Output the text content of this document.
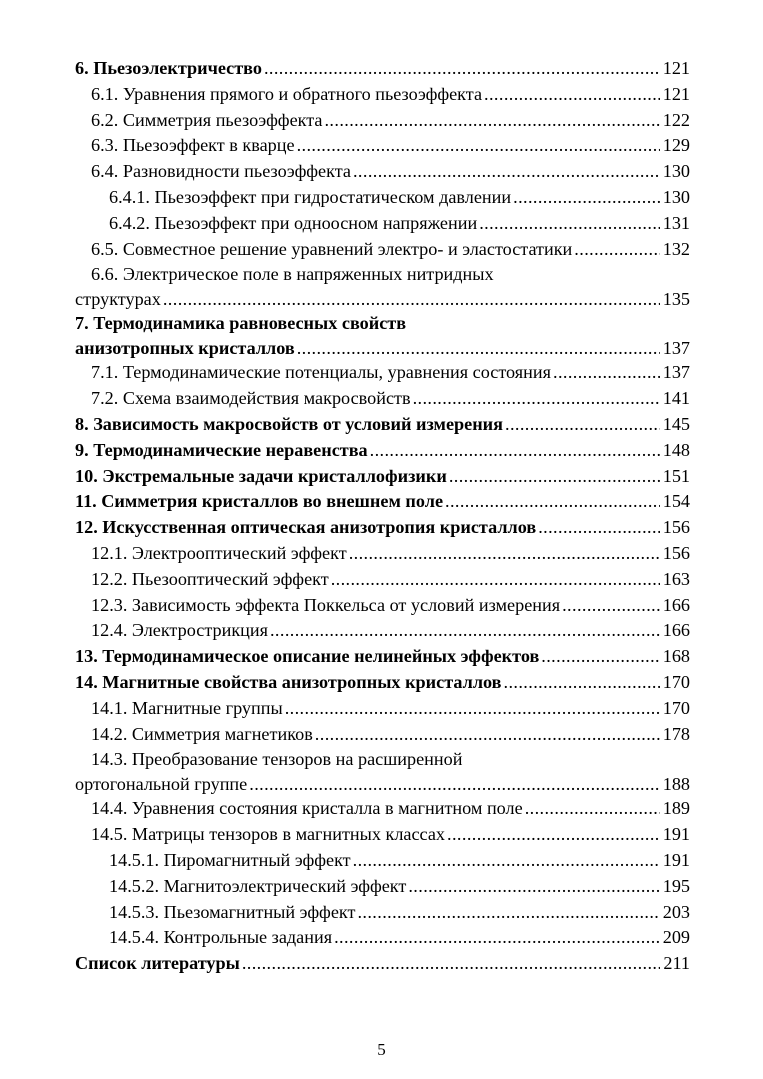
6. Пьезоэлектричество .....	121
6.1. Уравнения прямого и обратного пьезоэффекта .....	121
6.2. Симметрия пьезоэффекта .....	122
6.3. Пьезоэффект в кварце .....	129
6.4. Разновидности пьезоэффекта .....	130
6.4.1. Пьезоэффект при гидростатическом давлении .....	130
6.4.2. Пьезоэффект при одноосном напряжении .....	131
6.5. Совместное решение уравнений электро- и эластостатики .....	132
6.6. Электрическое поле в напряженных нитридных
структурах .....	135
7. Термодинамика равновесных свойств
анизотропных кристаллов .....	137
7.1. Термодинамические потенциалы, уравнения состояния .....	137
7.2. Схема взаимодействия макросвойств .....	141
8. Зависимость макросвойств от условий измерения .....	145
9. Термодинамические неравенства .....	148
10. Экстремальные задачи кристаллофизики .....	151
11. Симметрия кристаллов во внешнем поле .....	154
12. Искусственная оптическая анизотропия кристаллов .....	156
12.1. Электрооптический эффект .....	156
12.2. Пьезооптический эффект .....	163
12.3. Зависимость эффекта Поккельса от условий измерения .....	166
12.4. Электрострикция .....	166
13. Термодинамическое описание нелинейных эффектов .....	168
14. Магнитные свойства анизотропных кристаллов .....	170
14.1. Магнитные группы .....	170
14.2. Симметрия магнетиков .....	178
14.3. Преобразование тензоров на расширенной
ортогональной группе .....	188
14.4. Уравнения состояния кристалла в магнитном поле .....	189
14.5. Матрицы тензоров в магнитных классах .....	191
14.5.1. Пиромагнитный эффект .....	191
14.5.2. Магнитоэлектрический эффект .....	195
14.5.3. Пьезомагнитный эффект .....	203
14.5.4. Контрольные задания .....	209
Список литературы .....	211
5
